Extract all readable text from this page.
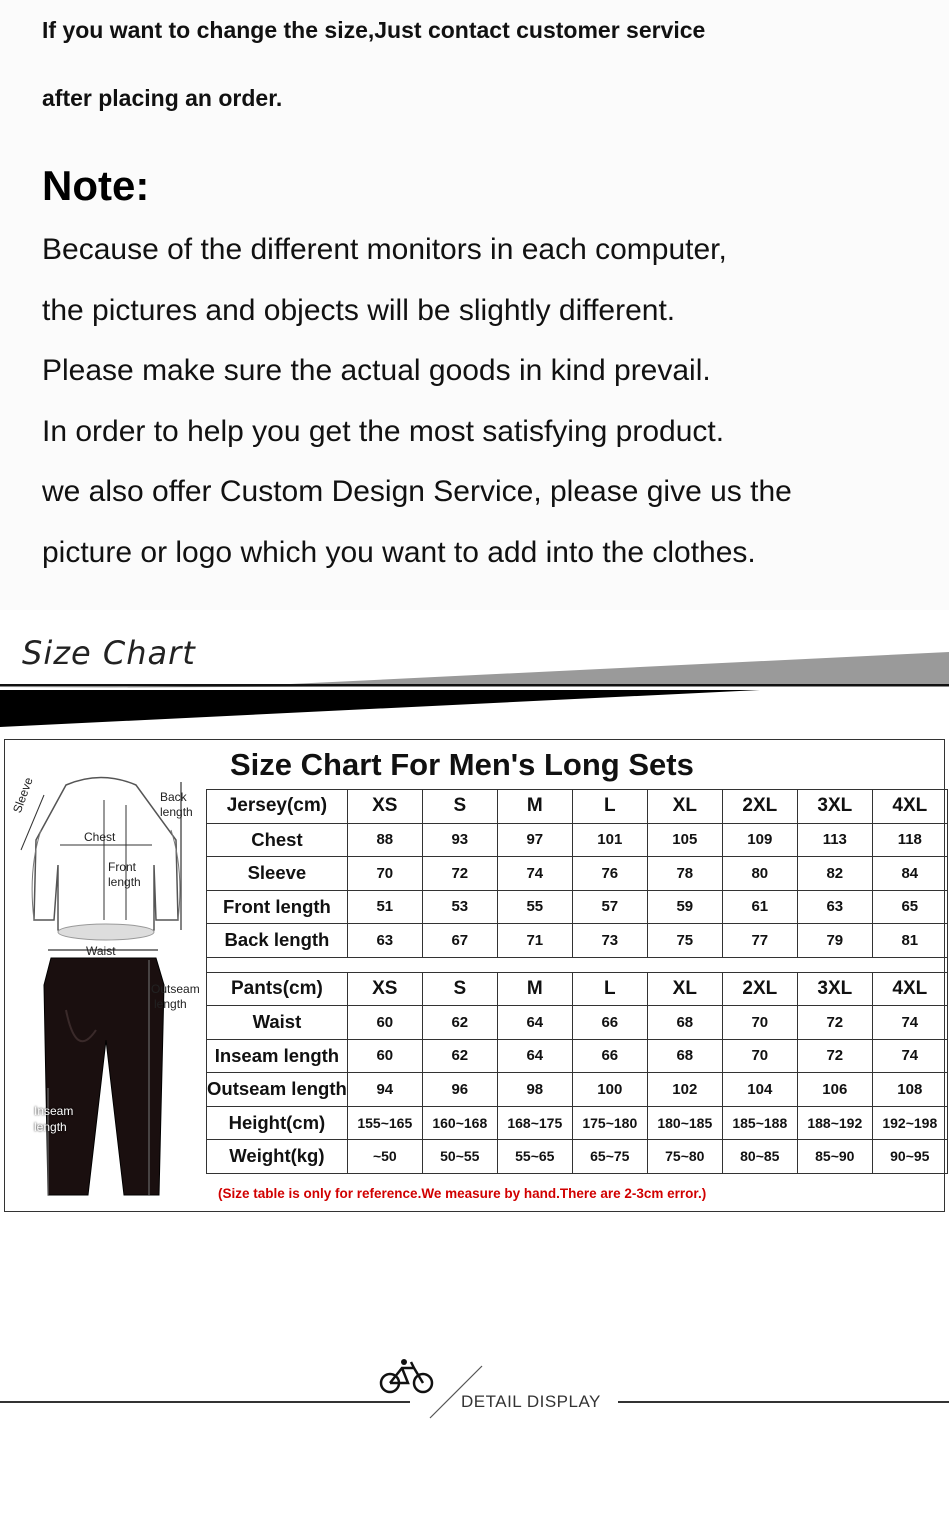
If you want to change the size,Just contact customer service
after placing an order.
Note:
Because of the different monitors in each computer,
the pictures and objects will be slightly different.
Please make sure the actual goods in kind prevail.
In order to help you get the most satisfying product.
we also offer Custom Design Service, please give us the
picture or logo which you want to add into the clothes.
Size Chart
Size Chart For Men's Long Sets
Sleeve	Back
length
Chest
Front
length
Waist
Outseam
length
Inseam
length
Jersey(cm)	XS	S	M	L	XL	2XL	3XL	4XL
Chest	88	93	97	101	105	109	113	118
Sleeve	70	72	74	76	78	80	82	84
Front length	51	53	55	57	59	61	63	65
Back length	63	67	71	73	75	77	79	81

Pants(cm)	XS	S	M	L	XL	2XL	3XL	4XL
Waist	60	62	64	66	68	70	72	74
Inseam length	60	62	64	66	68	70	72	74
Outseam length	94	96	98	100	102	104	106	108
Height(cm)	155~165	160~168	168~175	175~180	180~185	185~188	188~192	192~198
Weight(kg)	~50	50~55	55~65	65~75	75~80	80~85	85~90	90~95
(Size table is only for reference.We measure by hand.There are 2-3cm error.)
DETAIL DISPLAY
